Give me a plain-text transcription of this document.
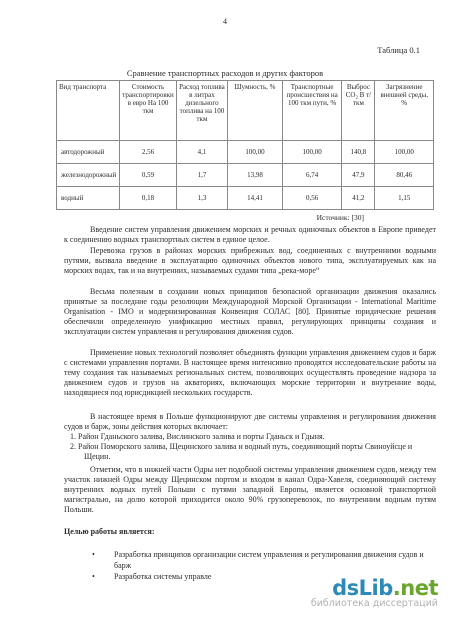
4
Таблица 0.1
Сравнение транспортных расходов и других факторов
Вид транспорта	Стоимость транспортировки в евро На 100 ткм	Расход топлива в литрах дизельного топлива на 100 ткм	Шумность, %	Транспортные происшествия на 100 ткм пути, %	Выброс CO₂ В т/ткм	Загрязнение внешней среды, %
автодорожный	2,56	4,1	100,00	100,00	140,8	100,00
железнодорожный	0,59	1,7	13,98	6,74	47,9	80,46
водный	0,18	1,3	14,41	0,56	41,2	1,15
Источник: [30]

Введение систем управления движением морских и речных одиночных объектов в Европе приведет к соединению водных транспортных систем в единое целое.

Перевозка грузов в районах морских прибрежных вод, соединенных с внутренними водными путями, вызвала введение в эксплуатацию одиночных объектов нового типа, эксплуатируемых как на морских водах, так и на внутренних, называемых судами типа „река-море“

Весьма полезным в создании новых принципов безопасной организации движения оказались принятые за последние годы резолюции Международной Морской Организации - International Maritime Organisation - IMO и модернизированная Конвенция СОЛАС [80]. Принятые юридические решения обеспечили определенную унификацию местных правил, регулирующих принципы создания и эксплуатации систем управления и регулирования движения судов.

Применение новых технологий позволяет объединять функции управления движением судов и барж с системами управления портами. В настоящее время интенсивно проводятся исследовательские работы на тему создания так называемых региональных систем, позволяющих осуществлять проведение надзора за движением судов и грузов на акваториях, включающих морские территории и внутренние воды, находящиеся под юрисдикцией нескольких государств.

В настоящее время в Польше функционируют две системы управления и регулирования движения судов и барж, зоны действия которых включает:

1. Район Гданьского залива, Вислинского залива и порты Гданьск и Гдыня.
2. Район Поморского залива, Щецинского залива и водный путь, соединяющий порты Свиноуйсце и Щецин.

Отметим, что в нижней части Одры нет подобной системы управления движением судов, между тем участок нижней Одры между Щецинском портом и входом в канал Одра-Хавеля, соединяющий систему внутренних водных путей Польши с путями западной Европы, является основной транспортной магистралью, на долю которой приходится около 90% грузоперевозок, по внутренним водным путям Польши.

Целью работы является:
• Разработка принципов организации систем управления и регулирования движения судов и барж
• Разработка системы управле	dsLib.net
библиотека диссертаций
